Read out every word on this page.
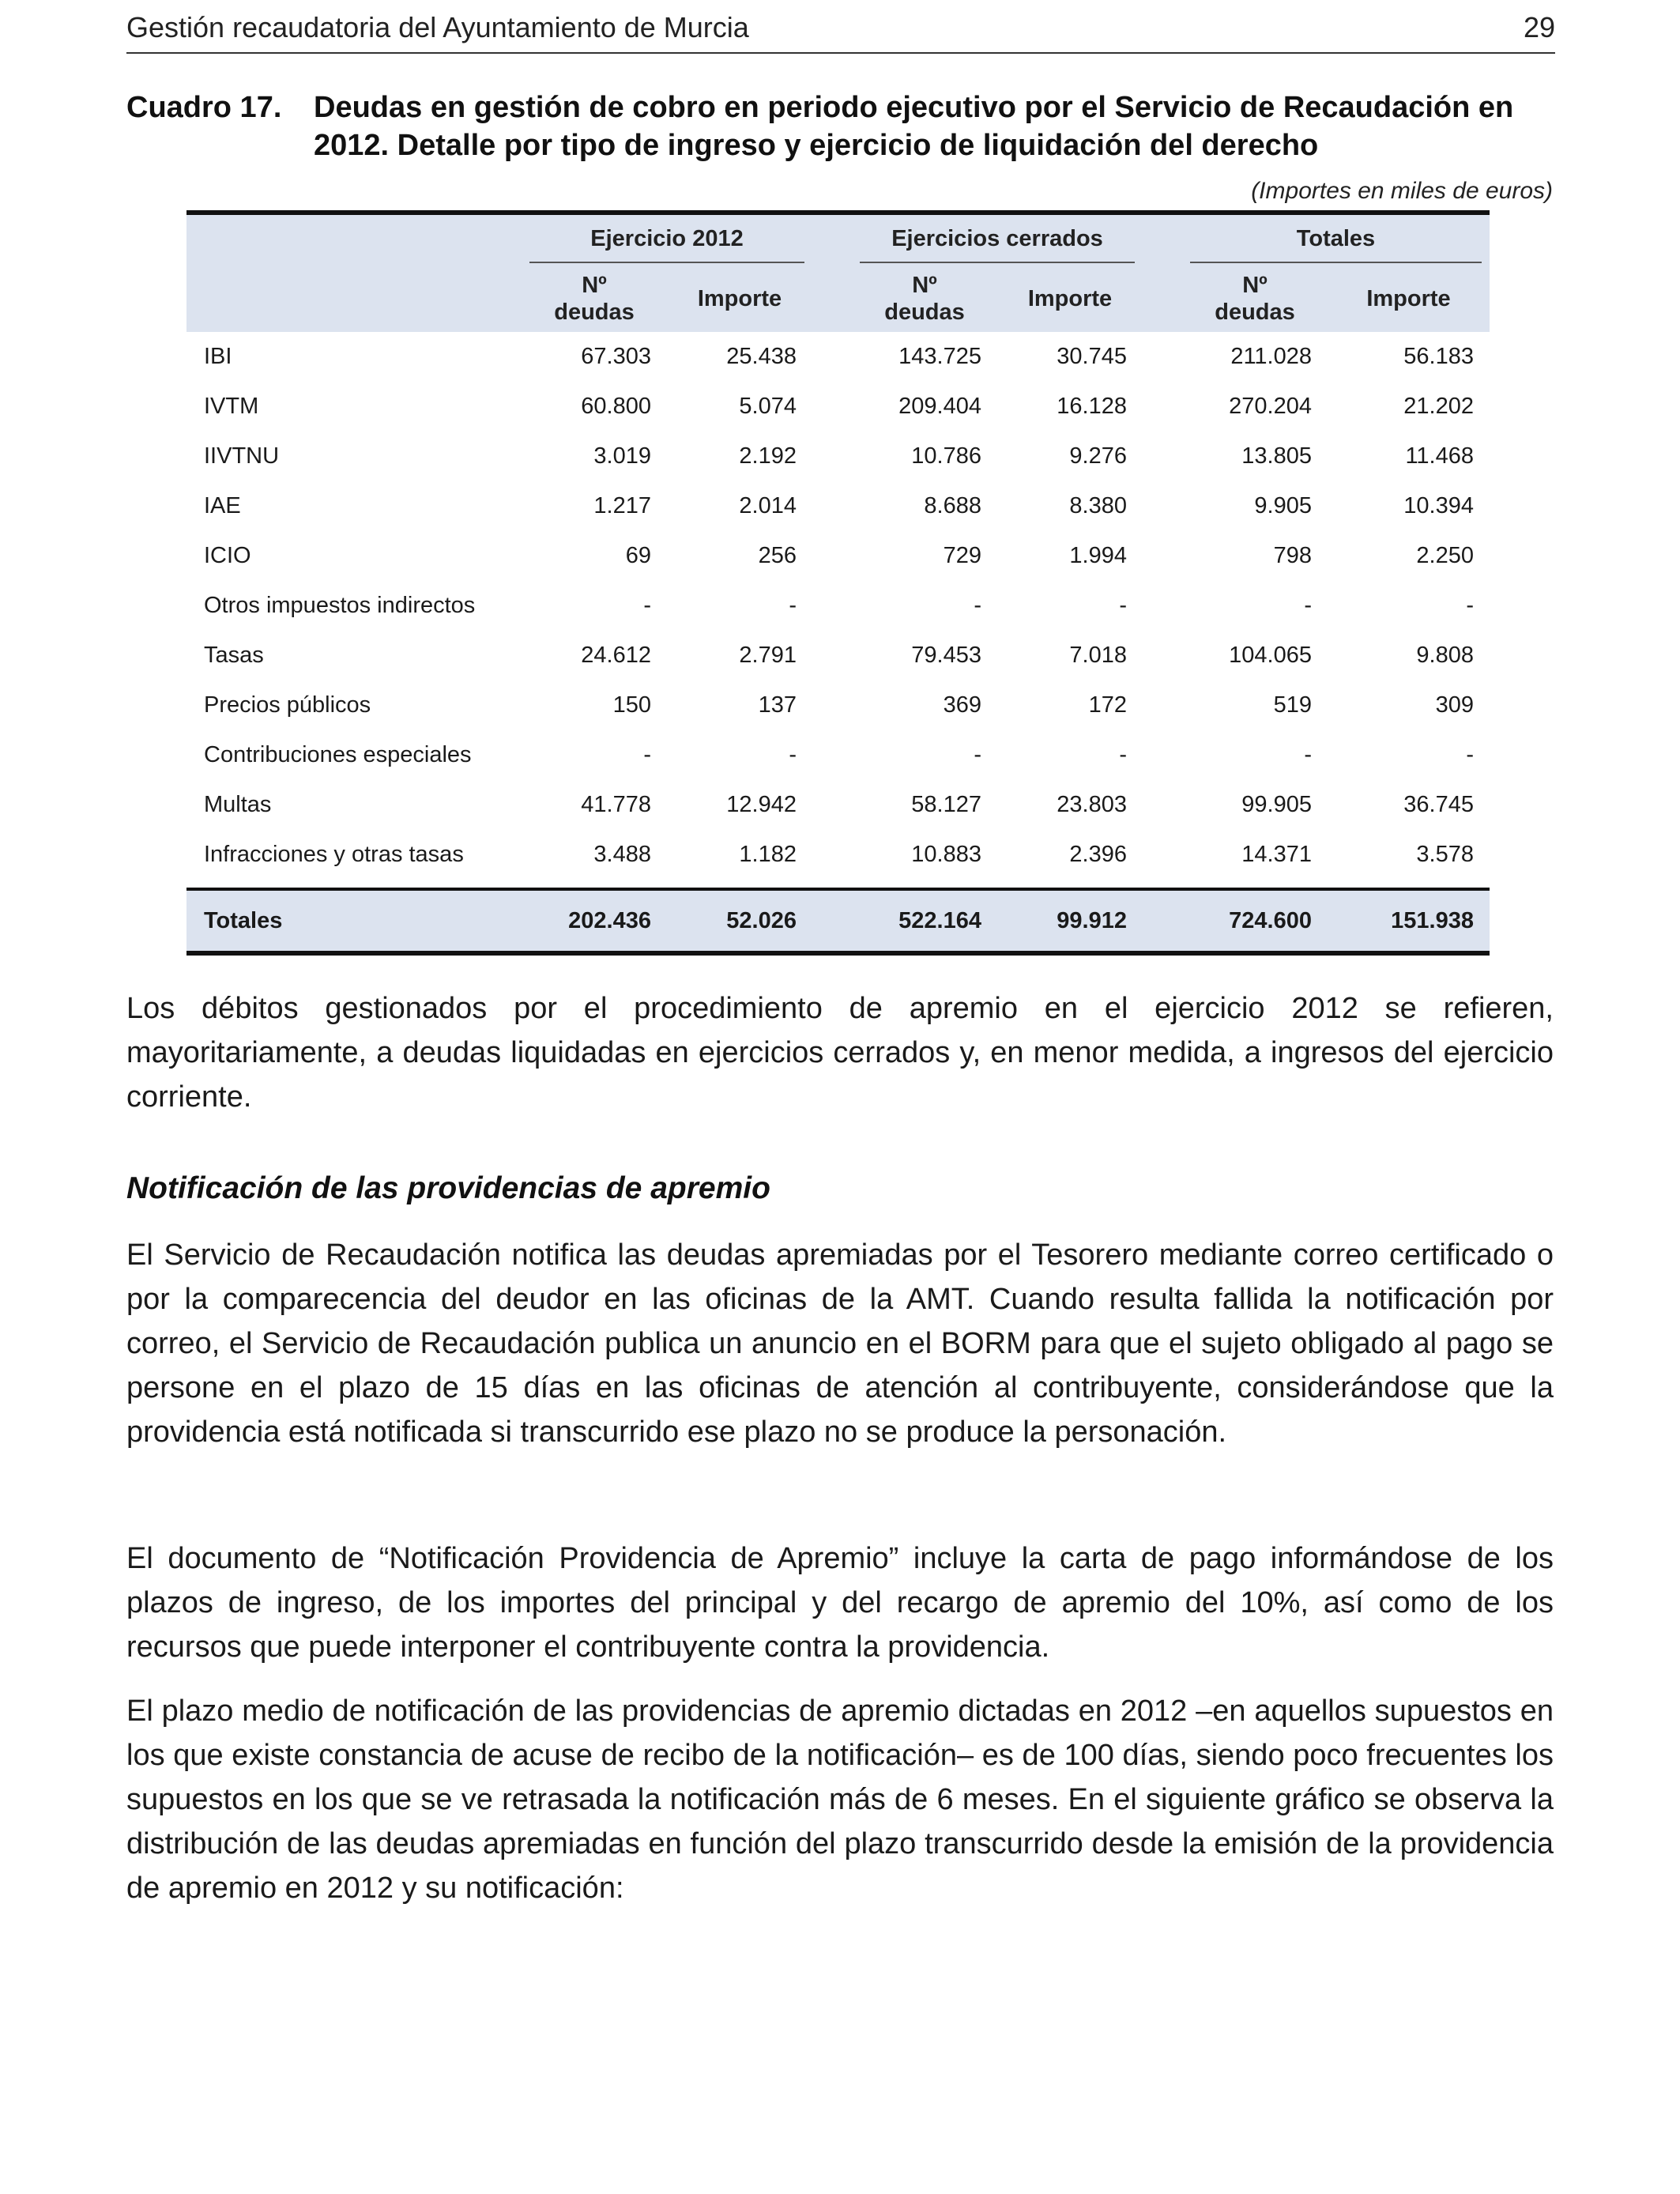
Gestión recaudatoria del Ayuntamiento de Murcia	29
Cuadro 17. Deudas en gestión de cobro en periodo ejecutivo por el Servicio de Recaudación en 2012. Detalle por tipo de ingreso y ejercicio de liquidación del derecho
(Importes en miles de euros)

	Ejercicio 2012			Ejercicios cerrados			Totales	

	Nº
deudas	Importe		Nº
deudas	Importe		Nº
deudas	Importe
IBI	67.303	25.438		143.725	30.745		211.028	56.183
IVTM	60.800	5.074		209.404	16.128		270.204	21.202
IIVTNU	3.019	2.192		10.786	9.276		13.805	11.468
IAE	1.217	2.014		8.688	8.380		9.905	10.394
ICIO	69	256		729	1.994		798	2.250
Otros impuestos indirectos	-	-		-	-		-	-
Tasas	24.612	2.791		79.453	7.018		104.065	9.808
Precios públicos	150	137		369	172		519	309
Contribuciones especiales	-	-		-	-		-	-
Multas	41.778	12.942		58.127	23.803		99.905	36.745
Infracciones y otras tasas	3.488	1.182		10.883	2.396		14.371	3.578
Totales	202.436	52.026		522.164	99.912		724.600	151.938

Los débitos gestionados por el procedimiento de apremio en el ejercicio 2012 se refieren, mayoritariamente, a deudas liquidadas en ejercicios cerrados y, en menor medida, a ingresos del ejercicio corriente.

Notificación de las providencias de apremio

El Servicio de Recaudación notifica las deudas apremiadas por el Tesorero mediante correo certificado o por la comparecencia del deudor en las oficinas de la AMT. Cuando resulta fallida la notificación por correo, el Servicio de Recaudación publica un anuncio en el BORM para que el sujeto obligado al pago se persone en el plazo de 15 días en las oficinas de atención al contribuyente, considerándose que la providencia está notificada si transcurrido ese plazo no se produce la personación.

El documento de “Notificación Providencia de Apremio” incluye la carta de pago informándose de los plazos de ingreso, de los importes del principal y del recargo de apremio del 10%, así como de los recursos que puede interponer el contribuyente contra la providencia.

El plazo medio de notificación de las providencias de apremio dictadas en 2012 –en aquellos supuestos en los que existe constancia de acuse de recibo de la notificación– es de 100 días, siendo poco frecuentes los supuestos en los que se ve retrasada la notificación más de 6 meses. En el siguiente gráfico se observa la distribución de las deudas apremiadas en función del plazo transcurrido desde la emisión de la providencia de apremio en 2012 y su notificación:
